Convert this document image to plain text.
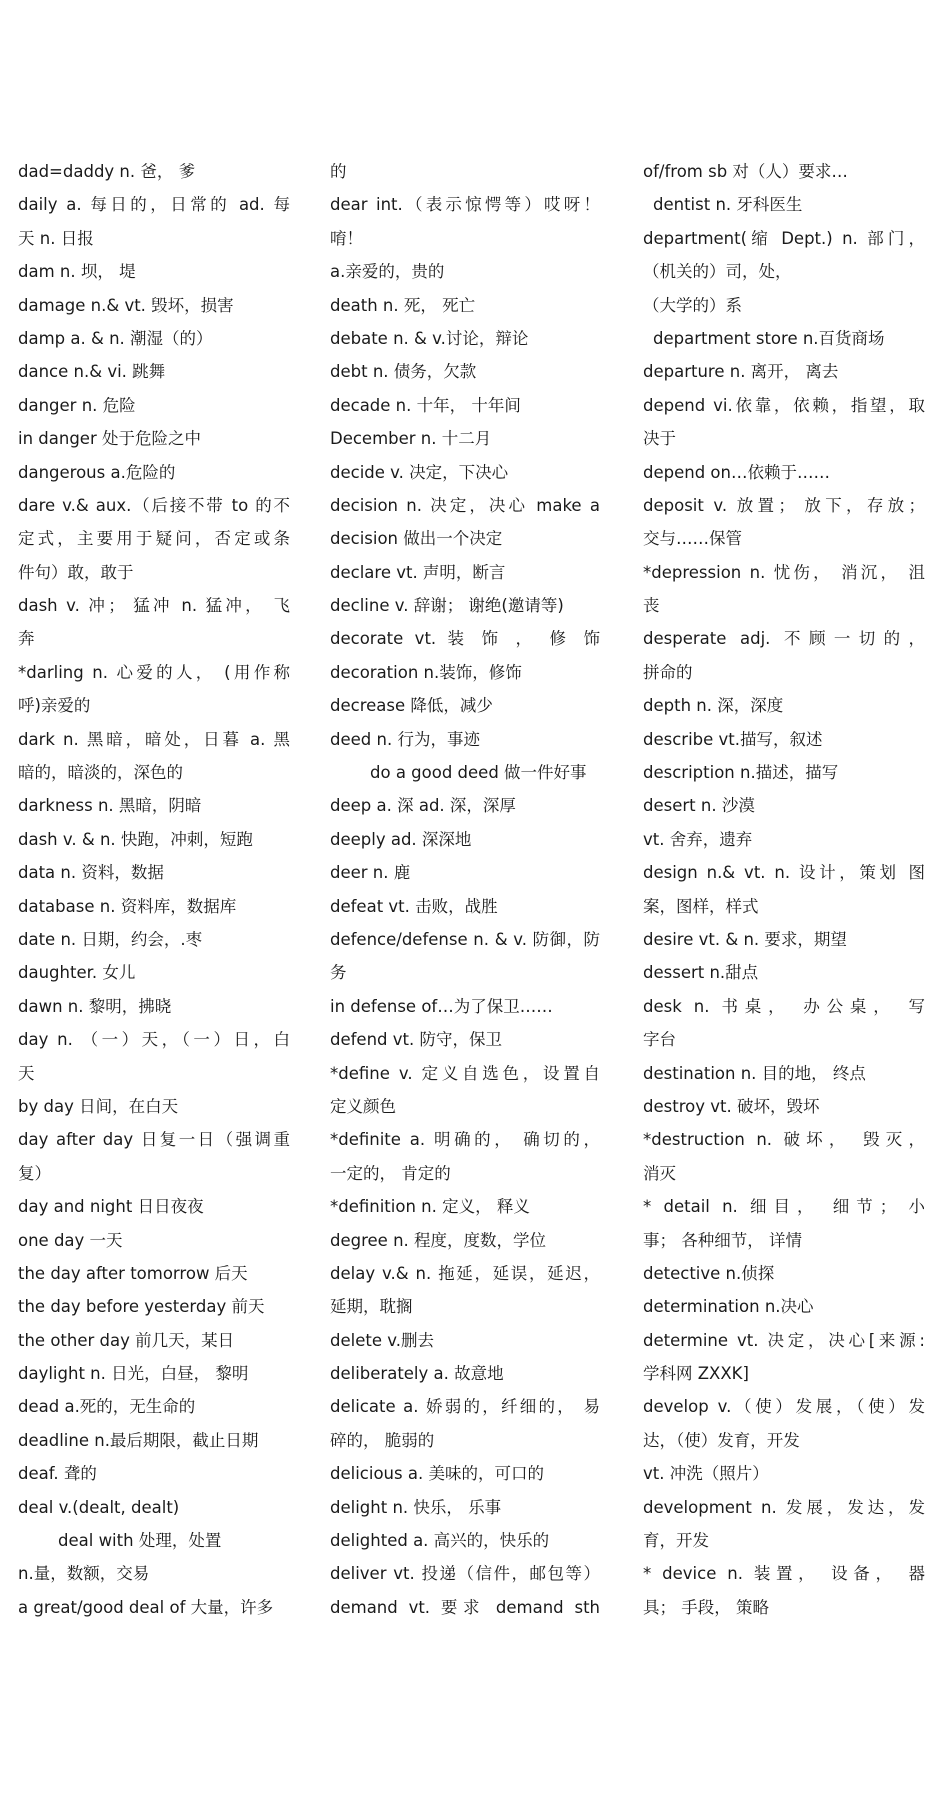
dad=daddy n. 爸， 爹
daily a. 每日的，日常的 ad. 每
天 n. 日报
dam n. 坝， 堤
damage n.& vt. 毁坏，损害
damp a. & n. 潮湿（的）
dance n.& vi. 跳舞
danger n. 危险
in danger 处于危险之中
dangerous a.危险的
dare v.& aux.（后接不带 to 的不
定式，主要用于疑问，否定或条
件句）敢，敢于
dash v. 冲； 猛冲 n. 猛冲， 飞
奔
*darling n. 心爱的人， (用作称
呼)亲爱的
dark n. 黑暗，暗处，日暮 a. 黑
暗的，暗淡的，深色的
darkness n. 黑暗，阴暗
dash v. & n. 快跑，冲刺，短跑
data n. 资料，数据
database n. 资料库，数据库
date n. 日期，约会，.枣
daughter. 女儿
dawn n. 黎明，拂晓
day n. （一）天，（一）日，白
天
by day 日间，在白天
day after day 日复一日（强调重
复）
day and night 日日夜夜
one day 一天
the day after tomorrow 后天
the day before yesterday 前天
the other day 前几天，某日
daylight n. 日光，白昼， 黎明
dead a.死的，无生命的
deadline n.最后期限，截止日期
deaf. 聋的
deal v.(dealt, dealt)
deal with 处理，处置
n.量，数额，交易
a great/good deal of 大量，许多
的
dear int.（表示惊愕等）哎呀！
唷！
a.亲爱的，贵的
death n. 死， 死亡
debate n. & v.讨论，辩论
debt n. 债务，欠款
decade n. 十年， 十年间
December n. 十二月
decide v. 决定，下决心
decision n. 决定，决心 make a
decision 做出一个决定
declare vt. 声明，断言
decline v. 辞谢； 谢绝(邀请等)
decorate vt. 装 饰 ， 修 饰
decoration n.装饰，修饰
decrease 降低，减少
deed n. 行为，事迹
do a good deed 做一件好事
deep a. 深 ad. 深，深厚
deeply ad. 深深地
deer n. 鹿
defeat vt. 击败，战胜
defence/defense n. & v. 防御，防
务
in defense of…为了保卫……
defend vt. 防守，保卫
*define v. 定义自选色，设置自
定义颜色
*definite a. 明确的， 确切的，
一定的， 肯定的
*definition n. 定义， 释义
degree n. 程度，度数，学位
delay v.& n. 拖延，延误，延迟，
延期，耽搁
delete v.删去
deliberately a. 故意地
delicate a. 娇弱的，纤细的， 易
碎的， 脆弱的
delicious a. 美味的，可口的
delight n. 快乐， 乐事
delighted a. 高兴的，快乐的
deliver vt. 投递（信件，邮包等）
demand vt. 要求 demand sth
of/from sb 对（人）要求…
dentist n. 牙科医生
department(缩 Dept.) n. 部门，
（机关的）司，处，
（大学的）系
department store n.百货商场
departure n. 离开， 离去
depend vi.依靠，依赖，指望，取
决于
depend on…依赖于……
deposit v. 放置； 放下，存放；
交与……保管
*depression n. 忧伤， 消沉， 沮
丧
desperate adj. 不顾一切的，
拼命的
depth n. 深，深度
describe vt.描写，叙述
description n.描述，描写
desert n. 沙漠
vt. 舍弃，遗弃
design n.& vt. n. 设计，策划 图
案，图样，样式
desire vt. & n. 要求，期望
dessert n.甜点
desk n. 书桌， 办公桌， 写
字台
destination n. 目的地， 终点
destroy vt. 破坏，毁坏
*destruction n. 破坏， 毁灭，
消灭
* detail n. 细目， 细节； 小
事； 各种细节， 详情
detective n.侦探
determination n.决心
determine vt. 决定，决心[来源:
学科网 ZXXK]
develop v.（使）发展，（使）发
达，（使）发育，开发
vt. 冲洗（照片）
development n. 发展，发达，发
育，开发
* device n. 装置， 设备， 器
具； 手段， 策略
